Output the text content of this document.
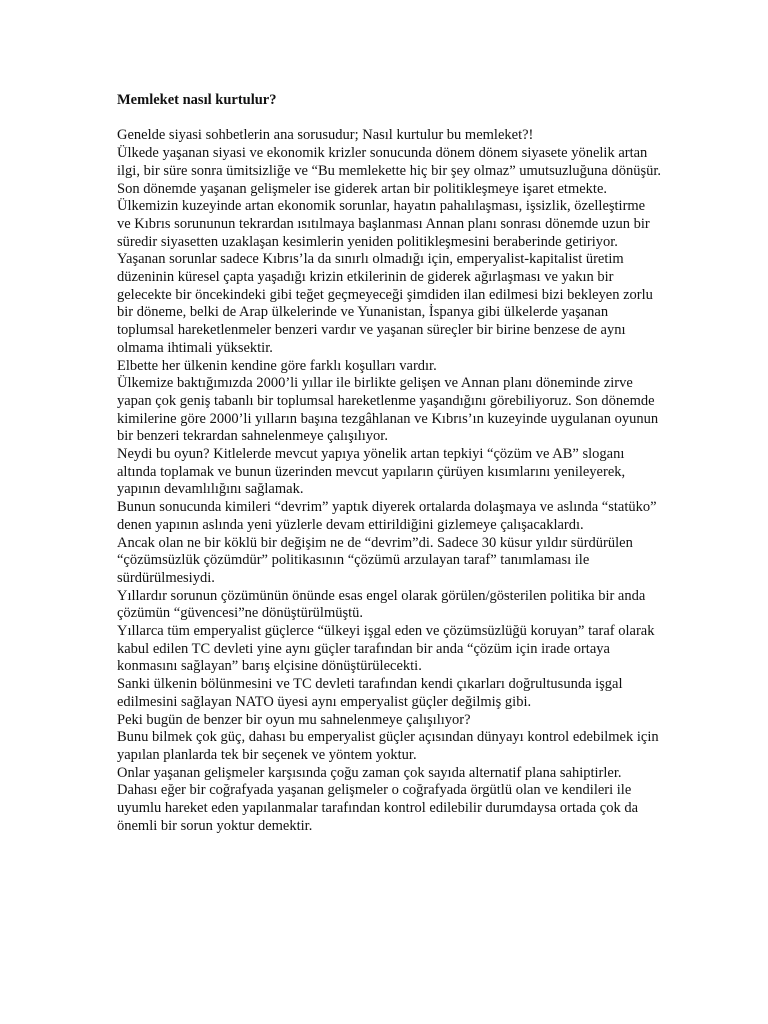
Memleket nasıl kurtulur?

Genelde siyasi sohbetlerin ana sorusudur; Nasıl kurtulur bu memleket?!

Ülkede yaşanan siyasi ve ekonomik krizler sonucunda dönem dönem siyasete yönelik artan ilgi, bir süre sonra ümitsizliğe ve “Bu memlekette hiç bir şey olmaz” umutsuzluğuna dönüşür.

Son dönemde yaşanan gelişmeler ise giderek artan bir politikleşmeye işaret etmekte.

Ülkemizin kuzeyinde artan ekonomik sorunlar, hayatın pahalılaşması, işsizlik, özelleştirme ve Kıbrıs sorununun tekrardan ısıtılmaya başlanması Annan planı sonrası dönemde uzun bir süredir siyasetten uzaklaşan kesimlerin yeniden politikleşmesini beraberinde getiriyor.

Yaşanan sorunlar sadece Kıbrıs’la da sınırlı olmadığı için, emperyalist-kapitalist üretim düzeninin küresel çapta yaşadığı krizin etkilerinin de giderek ağırlaşması ve yakın bir gelecekte bir öncekindeki gibi teğet geçmeyeceği şimdiden ilan edilmesi bizi bekleyen zorlu bir döneme, belki de Arap ülkelerinde ve Yunanistan, İspanya gibi ülkelerde yaşanan toplumsal hareketlenmeler benzeri vardır ve yaşanan süreçler bir birine benzese de aynı olmama ihtimali yüksektir.

Elbette her ülkenin kendine göre farklı koşulları vardır.

Ülkemize baktığımızda 2000’li yıllar ile birlikte gelişen ve Annan planı döneminde zirve yapan çok geniş tabanlı bir toplumsal hareketlenme yaşandığını görebiliyoruz. Son dönemde kimilerine göre 2000’li yılların başına tezgâhlanan ve Kıbrıs’ın kuzeyinde uygulanan oyunun bir benzeri tekrardan sahnelenmeye çalışılıyor.

Neydi bu oyun? Kitlelerde mevcut yapıya yönelik artan tepkiyi “çözüm ve AB” sloganı altında toplamak ve bunun üzerinden mevcut yapıların çürüyen kısımlarını yenileyerek, yapının devamlılığını sağlamak.

Bunun sonucunda kimileri “devrim” yaptık diyerek ortalarda dolaşmaya ve aslında “statüko” denen yapının aslında yeni yüzlerle devam ettirildiğini gizlemeye çalışacaklardı.

Ancak olan ne bir köklü bir değişim ne de “devrim”di. Sadece 30 küsur yıldır sürdürülen “çözümsüzlük çözümdür” politikasının “çözümü arzulayan taraf” tanımlaması ile sürdürülmesiydi.

Yıllardır sorunun çözümünün önünde esas engel olarak görülen/gösterilen politika bir anda çözümün “güvencesi”ne dönüştürülmüştü.

Yıllarca tüm emperyalist güçlerce “ülkeyi işgal eden ve çözümsüzlüğü koruyan” taraf olarak kabul edilen TC devleti yine aynı güçler tarafından bir anda “çözüm için irade ortaya konmasını sağlayan” barış elçisine dönüştürülecekti.

Sanki ülkenin bölünmesini ve TC devleti tarafından kendi çıkarları doğrultusunda işgal edilmesini sağlayan NATO üyesi aynı emperyalist güçler değilmiş gibi.

Peki bugün de benzer bir oyun mu sahnelenmeye çalışılıyor?

Bunu bilmek çok güç, dahası bu emperyalist güçler açısından dünyayı kontrol edebilmek için yapılan planlarda tek bir seçenek ve yöntem yoktur.

Onlar yaşanan gelişmeler karşısında çoğu zaman çok sayıda alternatif plana sahiptirler.

Dahası eğer bir coğrafyada yaşanan gelişmeler o coğrafyada örgütlü olan ve kendileri ile uyumlu hareket eden yapılanmalar tarafından kontrol edilebilir durumdaysa ortada çok da önemli bir sorun yoktur demektir.
